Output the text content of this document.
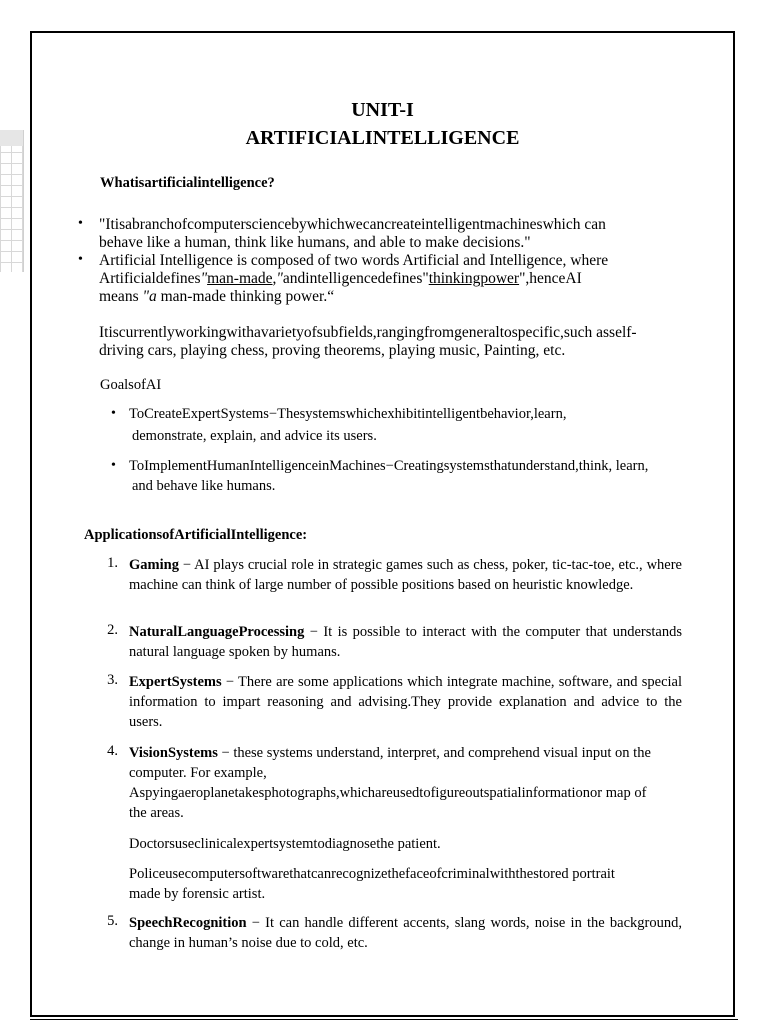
UNIT-I
ARTIFICIALINTELLIGENCE
Whatisartificialintelligence?
• "Itisabranchofcomputersciencebywhichwecancreateintelligentmachineswhich can
behave like a human, think like humans, and able to make decisions."
• Artificial Intelligence is composed of two words Artificial and Intelligence, where
Artificialdefines"man-made,"andintelligencedefines"thinkingpower",henceAI
means "a man-made thinking power.“
Itiscurrentlyworkingwithavarietyofsubfields,rangingfromgeneraltospecific,such asself-
driving cars, playing chess, proving theorems, playing music, Painting, etc.
GoalsofAI
• ToCreateExpertSystems−Thesystemswhichexhibitintelligentbehavior,learn,
demonstrate, explain, and advice its users.
• ToImplementHumanIntelligenceinMachines−Creatingsystemsthatunderstand,think, learn,
and behave like humans.
ApplicationsofArtificialIntelligence:
1. Gaming − AI plays crucial role in strategic games such as chess, poker, tic-tac-toe, etc., where machine can think of large number of possible positions based on heuristic knowledge.
2. NaturalLanguageProcessing − It is possible to interact with the computer that understands natural language spoken by humans.
3. ExpertSystems − There are some applications which integrate machine, software, and special information to impart reasoning and advising.They provide explanation and advice to the users.
4. VisionSystems − these systems understand, interpret, and comprehend visual input on the
computer. For example,
Aspyingaeroplanetakesphotographs,whichareusedtofigureoutspatialinformationor map of
the areas.
Doctorsuseclinicalexpertsystemtodiagnosethe patient.
Policeusecomputersoftwarethatcanrecognizethefaceofcriminalwiththestored portrait
made by forensic artist.
5. SpeechRecognition − It can handle different accents, slang words, noise in the background, change in human’s noise due to cold, etc.
